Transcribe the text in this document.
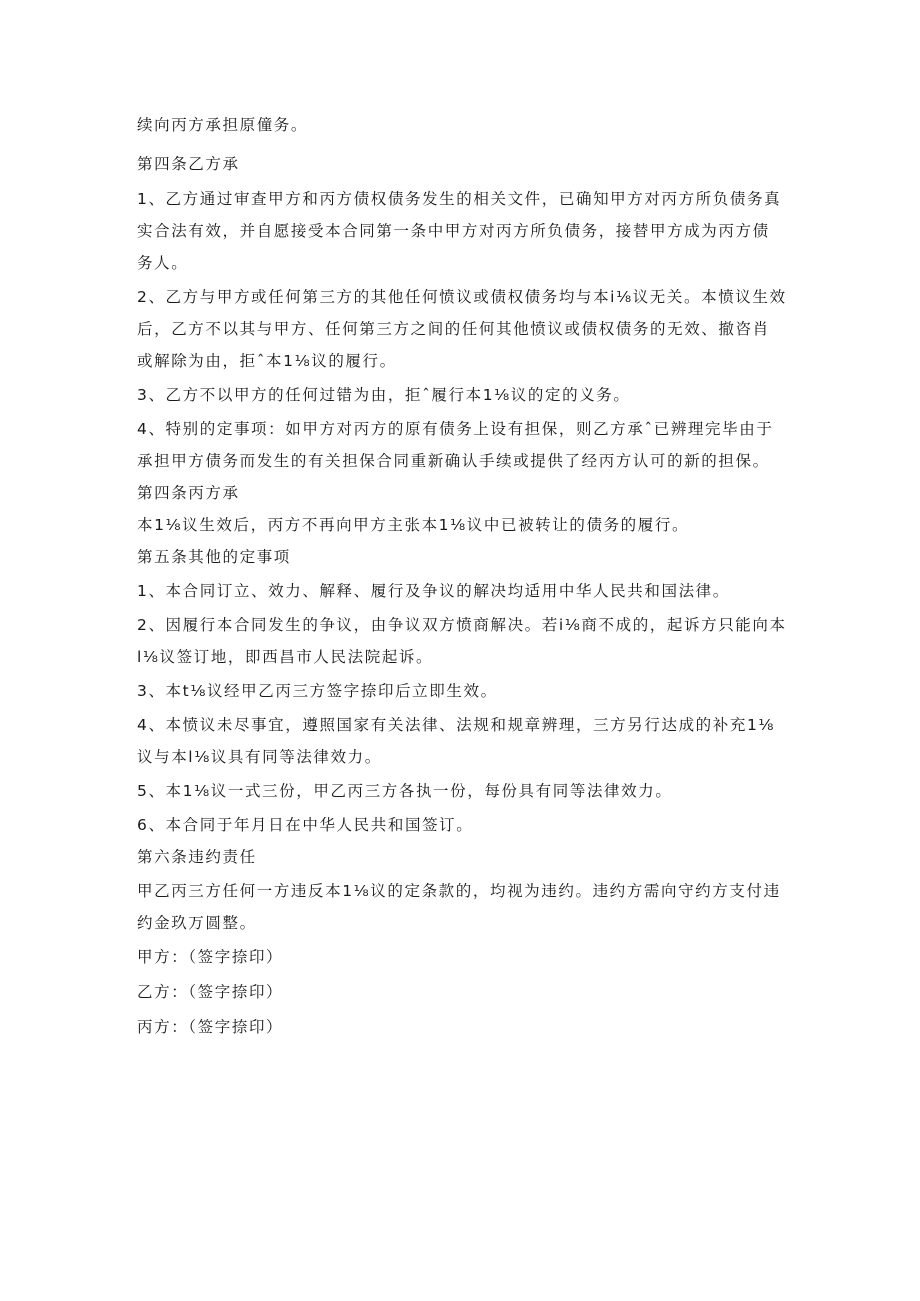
续向丙方承担原僮务。

第四条乙方承

1、乙方通过审查甲方和丙方债权债务发生的相关文件，已确知甲方对丙方所负债务真

实合法有效，并自愿接受本合同第一条中甲方对丙方所负债务，接替甲方成为丙方债

务人。

2、乙方与甲方或任何第三方的其他任何愤议或债权债务均与本i⅛议无关。本愤议生效

后，乙方不以其与甲方、任何第三方之间的任何其他愤议或债权债务的无效、撤咨肖

或解除为由，拒ˆ本1⅛议的履行。

3、乙方不以甲方的任何过错为由，拒ˆ履行本1⅛议的定的义务。

4、特别的定事项：如甲方对丙方的原有债务上设有担保，则乙方承ˆ已辨理完毕由于

承担甲方债务而发生的有关担保合同重新确认手续或提供了经丙方认可的新的担保。

第四条丙方承

本1⅛议生效后，丙方不再向甲方主张本1⅛议中已被转让的债务的履行。

第五条其他的定事项

1、本合同订立、效力、解释、履行及争议的解决均适用中华人民共和国法律。

2、因履行本合同发生的争议，由争议双方愤商解决。若i⅛商不成的，起诉方只能向本

l⅛议签订地，即西昌市人民法院起诉。

3、本t⅛议经甲乙丙三方签字捺印后立即生效。

4、本愤议未尽事宜，遵照国家有关法律、法规和规章辨理，三方另行达成的补充1⅛

议与本l⅛议具有同等法律效力。

5、本1⅛议一式三份，甲乙丙三方各执一份，每份具有同等法律效力。

6、本合同于年月日在中华人民共和国签订。

第六条违约责任

甲乙丙三方任何一方违反本1⅛议的定条款的，均视为违约。违约方需向守约方支付违

约金玖万圆整。

甲方：（签字捺印）

乙方：（签字捺印）

丙方：（签字捺印）
